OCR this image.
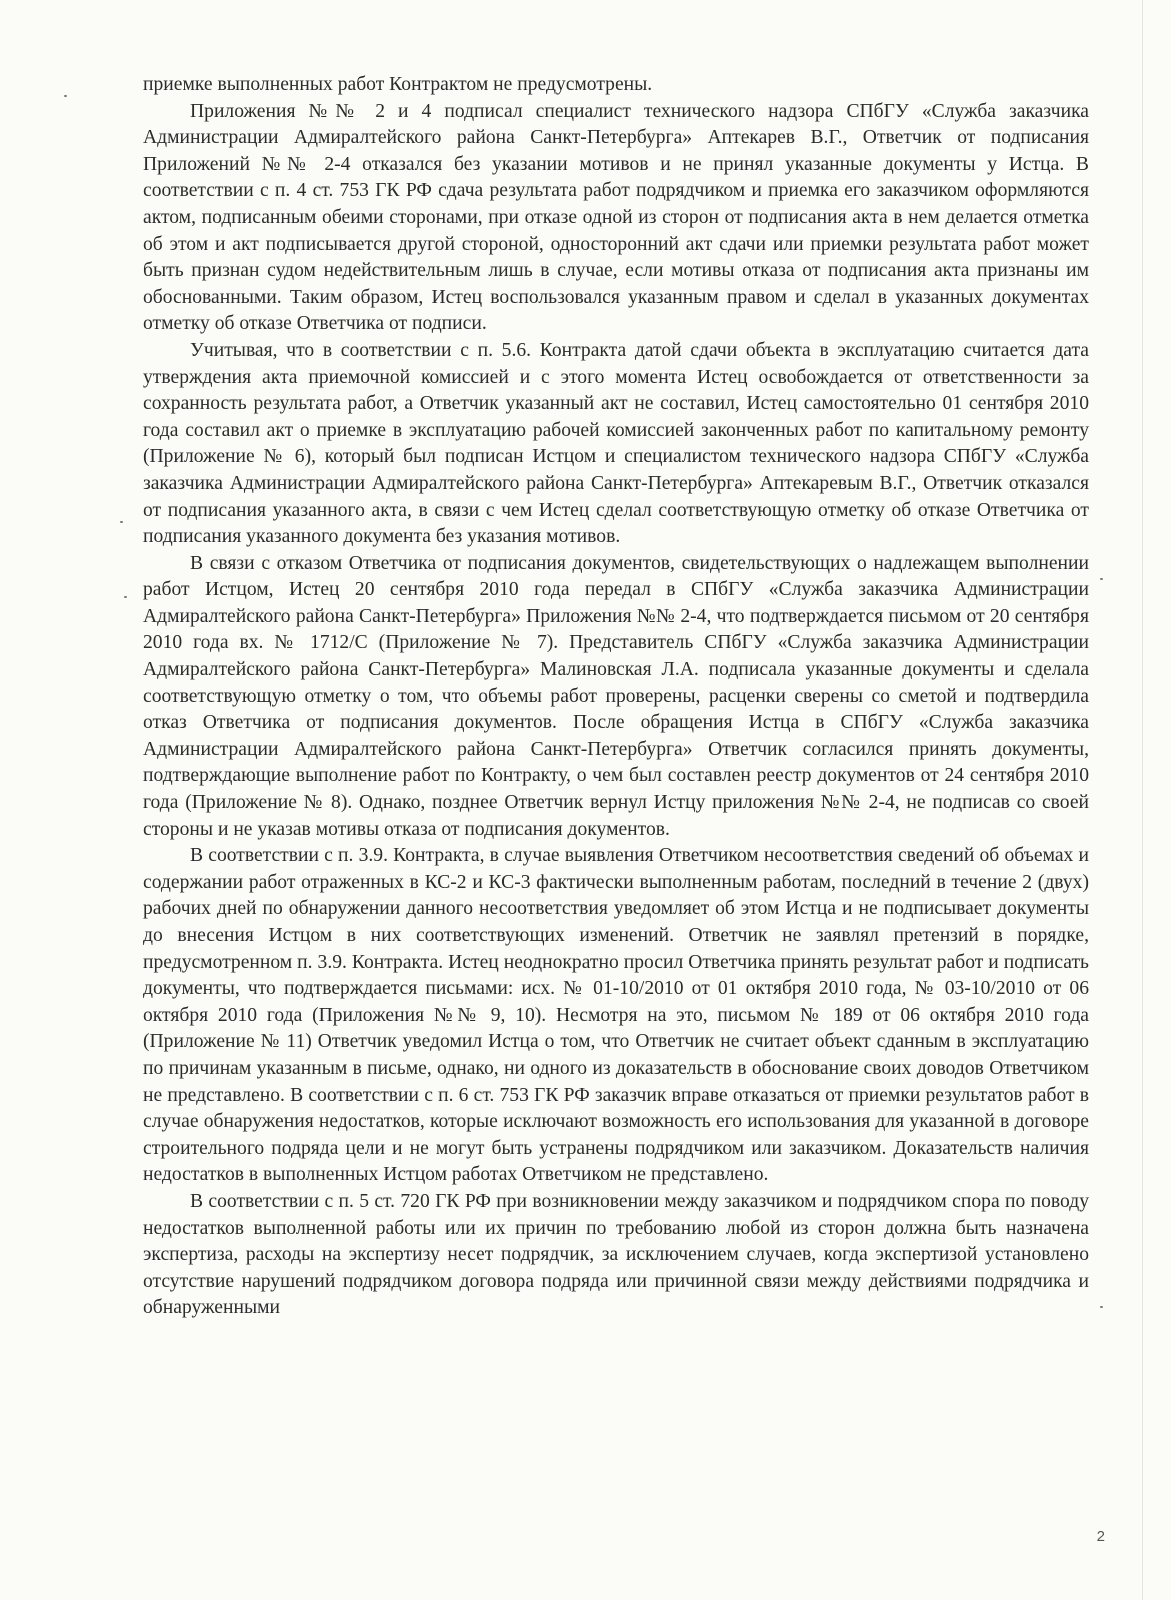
приемке выполненных работ Контрактом не предусмотрены.

Приложения №№ 2 и 4 подписал специалист технического надзора СПбГУ «Служба заказчика Администрации Адмиралтейского района Санкт-Петербурга» Аптекарев В.Г., Ответчик от подписания Приложений №№ 2-4 отказался без указании мотивов и не принял указанные документы у Истца. В соответствии с п. 4 ст. 753 ГК РФ сдача результата работ подрядчиком и приемка его заказчиком оформляются актом, подписанным обеими сторонами, при отказе одной из сторон от подписания акта в нем делается отметка об этом и акт подписывается другой стороной, односторонний акт сдачи или приемки результата работ может быть признан судом недействительным лишь в случае, если мотивы отказа от подписания акта признаны им обоснованными. Таким образом, Истец воспользовался указанным правом и сделал в указанных документах отметку об отказе Ответчика от подписи.

Учитывая, что в соответствии с п. 5.6. Контракта датой сдачи объекта в эксплуатацию считается дата утверждения акта приемочной комиссией и с этого момента Истец освобождается от ответственности за сохранность результата работ, а Ответчик указанный акт не составил, Истец самостоятельно 01 сентября 2010 года составил акт о приемке в эксплуатацию рабочей комиссией законченных работ по капитальному ремонту (Приложение № 6), который был подписан Истцом и специалистом технического надзора СПбГУ «Служба заказчика Администрации Адмиралтейского района Санкт-Петербурга» Аптекаревым В.Г., Ответчик отказался от подписания указанного акта, в связи с чем Истец сделал соответствующую отметку об отказе Ответчика от подписания указанного документа без указания мотивов.

В связи с отказом Ответчика от подписания документов, свидетельствующих о надлежащем выполнении работ Истцом, Истец 20 сентября 2010 года передал в СПбГУ «Служба заказчика Администрации Адмиралтейского района Санкт-Петербурга» Приложения №№ 2-4, что подтверждается письмом от 20 сентября 2010 года вх. № 1712/С (Приложение № 7). Представитель СПбГУ «Служба заказчика Администрации Адмиралтейского района Санкт-Петербурга» Малиновская Л.А. подписала указанные документы и сделала соответствующую отметку о том, что объемы работ проверены, расценки сверены со сметой и подтвердила отказ Ответчика от подписания документов. После обращения Истца в СПбГУ «Служба заказчика Администрации Адмиралтейского района Санкт-Петербурга» Ответчик согласился принять документы, подтверждающие выполнение работ по Контракту, о чем был составлен реестр документов от 24 сентября 2010 года (Приложение № 8). Однако, позднее Ответчик вернул Истцу приложения №№ 2-4, не подписав со своей стороны и не указав мотивы отказа от подписания документов.

В соответствии с п. 3.9. Контракта, в случае выявления Ответчиком несоответствия сведений об объемах и содержании работ отраженных в КС-2 и КС-3 фактически выполненным работам, последний в течение 2 (двух) рабочих дней по обнаружении данного несоответствия уведомляет об этом Истца и не подписывает документы до внесения Истцом в них соответствующих изменений. Ответчик не заявлял претензий в порядке, предусмотренном п. 3.9. Контракта. Истец неоднократно просил Ответчика принять результат работ и подписать документы, что подтверждается письмами: исх. № 01-10/2010 от 01 октября 2010 года, № 03-10/2010 от 06 октября 2010 года (Приложения №№ 9, 10). Несмотря на это, письмом № 189 от 06 октября 2010 года (Приложение № 11) Ответчик уведомил Истца о том, что Ответчик не считает объект сданным в эксплуатацию по причинам указанным в письме, однако, ни одного из доказательств в обоснование своих доводов Ответчиком не представлено. В соответствии с п. 6 ст. 753 ГК РФ заказчик вправе отказаться от приемки результатов работ в случае обнаружения недостатков, которые исключают возможность его использования для указанной в договоре строительного подряда цели и не могут быть устранены подрядчиком или заказчиком. Доказательств наличия недостатков в выполненных Истцом работах Ответчиком не представлено.

В соответствии с п. 5 ст. 720 ГК РФ при возникновении между заказчиком и подрядчиком спора по поводу недостатков выполненной работы или их причин по требованию любой из сторон должна быть назначена экспертиза, расходы на экспертизу несет подрядчик, за исключением случаев, когда экспертизой установлено отсутствие нарушений подрядчиком договора подряда или причинной связи между действиями подрядчика и обнаруженными

2
